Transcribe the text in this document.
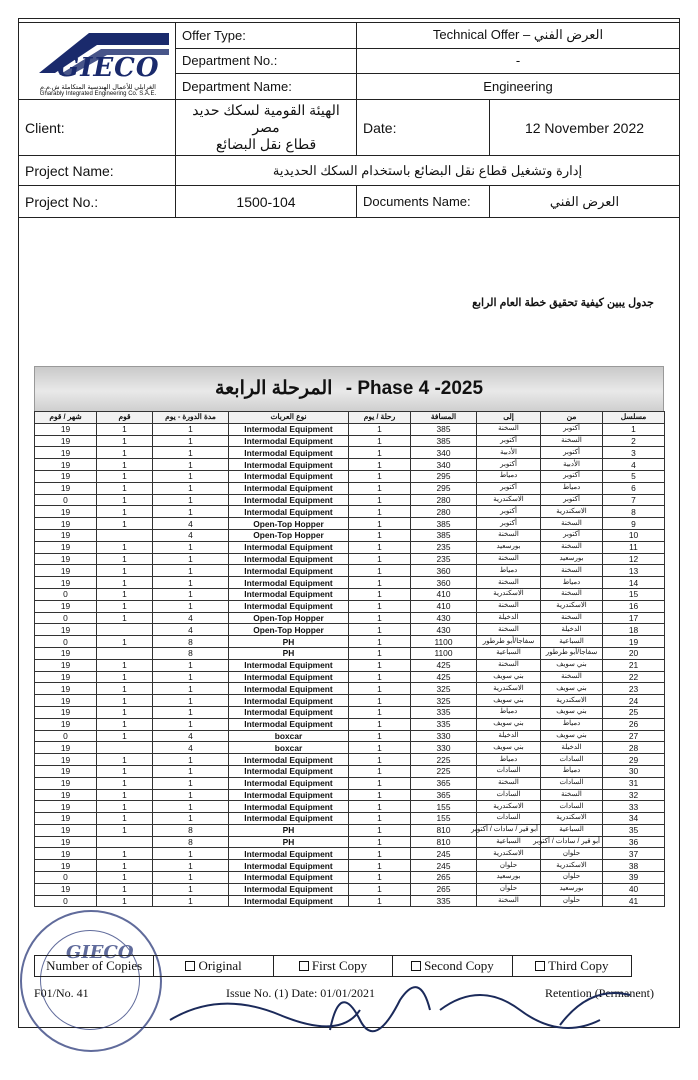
GIECO
الغرابلي للأعمال الهندسية المتكاملة ش.م.م
Gharably Integrated Engineering Co. S.A.E.	Offer Type:	Technical Offer – العرض الفني	
	Department No.:	-	
	Department Name:	Engineering	
Client:	الهيئة القومية لسكك حديد مصر
قطاع نقل البضائع	Date:	12 November 2022
Project Name:	إدارة وتشغيل قطاع نقل البضائع باستخدام السكك الحديدية		
Project No.:	1500-104	Documents Name:	العرض الفني
جدول يبين كيفية تحقيق خطة العام الرابع
المرحلة الرابعة - Phase 4 -2025
شهر / قوم	قوم	مدة الدورة - يوم	نوع العربات	رحلة / يوم	المسافة	إلى	من	مسلسل
19	1	1	Intermodal Equipment	1	385	السخنة	أكتوبر	1
19	1	1	Intermodal Equipment	1	385	أكتوبر	السخنة	2
19	1	1	Intermodal Equipment	1	340	الأدبية	أكتوبر	3
19	1	1	Intermodal Equipment	1	340	أكتوبر	الأدبية	4
19	1	1	Intermodal Equipment	1	295	دمياط	أكتوبر	5
19	1	1	Intermodal Equipment	1	295	أكتوبر	دمياط	6
0	1	1	Intermodal Equipment	1	280	الاسكندرية	أكتوبر	7
19	1	1	Intermodal Equipment	1	280	أكتوبر	الاسكندرية	8
19	1	4	Open-Top Hopper	1	385	أكتوبر	السخنة	9
19		4	Open-Top Hopper	1	385	السخنة	أكتوبر	10
19	1	1	Intermodal Equipment	1	235	بورسعيد	السخنة	11
19	1	1	Intermodal Equipment	1	235	السخنة	بورسعيد	12
19	1	1	Intermodal Equipment	1	360	دمياط	السخنة	13
19	1	1	Intermodal Equipment	1	360	السخنة	دمياط	14
0	1	1	Intermodal Equipment	1	410	الاسكندرية	السخنة	15
19	1	1	Intermodal Equipment	1	410	السخنة	الاسكندرية	16
0	1	4	Open-Top Hopper	1	430	الدخيلة	السخنة	17
19		4	Open-Top Hopper	1	430	السخنة	الدخيلة	18
0	1	8	PH	1	1100	سفاجا/أبو طرطور	السباعية	19
19		8	PH	1	1100	السباعية	سفاجا/أبو طرطور	20
19	1	1	Intermodal Equipment	1	425	السخنة	بني سويف	21
19	1	1	Intermodal Equipment	1	425	بني سويف	السخنة	22
19	1	1	Intermodal Equipment	1	325	الاسكندرية	بني سويف	23
19	1	1	Intermodal Equipment	1	325	بني سويف	الاسكندرية	24
19	1	1	Intermodal Equipment	1	335	دمياط	بني سويف	25
19	1	1	Intermodal Equipment	1	335	بني سويف	دمياط	26
0	1	4	boxcar	1	330	الدخيلة	بني سويف	27
19		4	boxcar	1	330	بني سويف	الدخيلة	28
19	1	1	Intermodal Equipment	1	225	دمياط	السادات	29
19	1	1	Intermodal Equipment	1	225	السادات	دمياط	30
19	1	1	Intermodal Equipment	1	365	السخنة	السادات	31
19	1	1	Intermodal Equipment	1	365	السادات	السخنة	32
19	1	1	Intermodal Equipment	1	155	الاسكندرية	السادات	33
19	1	1	Intermodal Equipment	1	155	السادات	الاسكندرية	34
19	1	8	PH	1	810	أبو قير / سادات / أكتوبر	السباعية	35
19		8	PH	1	810	السباعية	أبو قير / سادات / أكتوبر	36
19	1	1	Intermodal Equipment	1	245	الاسكندرية	حلوان	37
19	1	1	Intermodal Equipment	1	245	حلوان	الاسكندرية	38
0	1	1	Intermodal Equipment	1	265	بورسعيد	حلوان	39
19	1	1	Intermodal Equipment	1	265	حلوان	بورسعيد	40
0	1	1	Intermodal Equipment	1	335	السخنة	حلوان	41
GIECO
Number of Copies	Original	First Copy	Second Copy	Third Copy
F01/No. 41	Issue No. (1) Date: 01/01/2021	Retention (Permanent)
